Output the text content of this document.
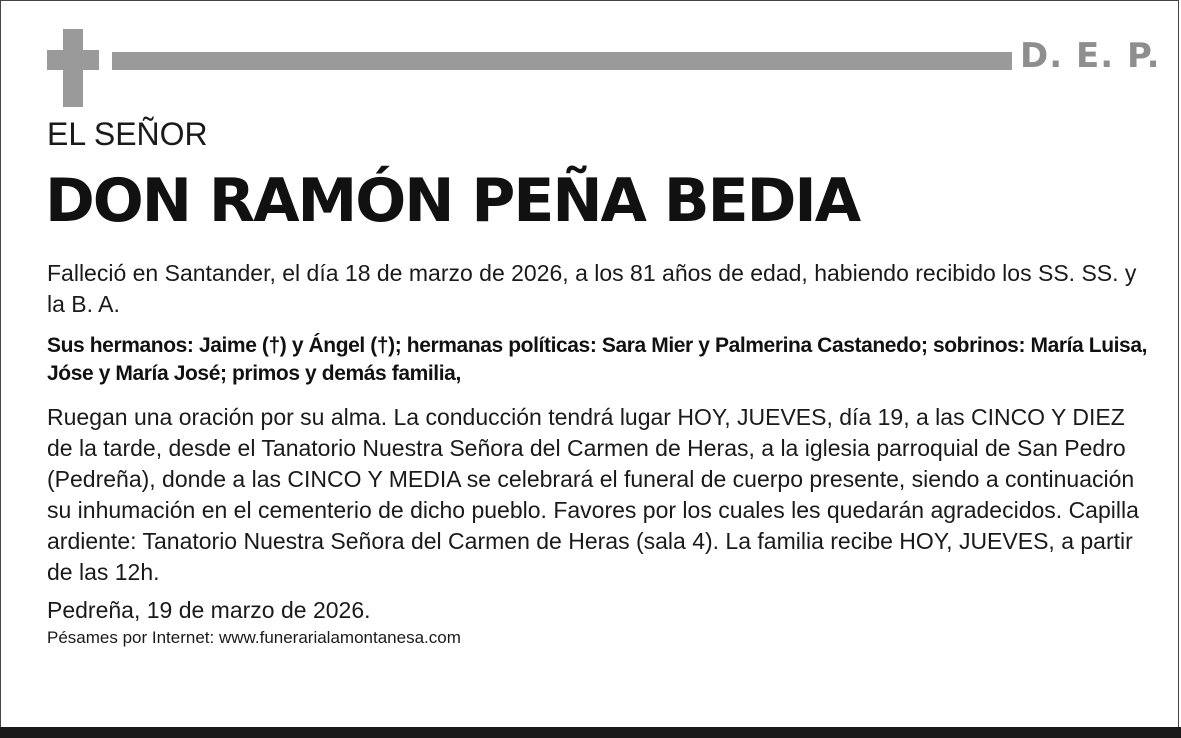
D. E. P.
EL SEÑOR
DON RAMÓN PEÑA BEDIA

Falleció en Santander, el día 18 de marzo de 2026, a los 81 años de edad, habiendo recibido los SS. SS. y la B. A.

Sus hermanos: Jaime (†) y Ángel (†); hermanas políticas: Sara Mier y Palmerina Castanedo; sobrinos: María Luisa, Jóse y María José; primos y demás familia,

Ruegan una oración por su alma. La conducción tendrá lugar HOY, JUEVES, día 19, a las CINCO Y DIEZ de la tarde, desde el Tanatorio Nuestra Señora del Carmen de Heras, a la iglesia parroquial de San Pedro (Pedreña), donde a las CINCO Y MEDIA se celebrará el funeral de cuerpo presente, siendo a continuación su inhumación en el cementerio de dicho pueblo. Favores por los cuales les quedarán agradecidos. Capilla ardiente: Tanatorio Nuestra Señora del Carmen de Heras (sala 4). La familia recibe HOY, JUEVES, a partir de las 12h.

Pedreña, 19 de marzo de 2026.
Pésames por Internet: www.funerarialamontanesa.com
